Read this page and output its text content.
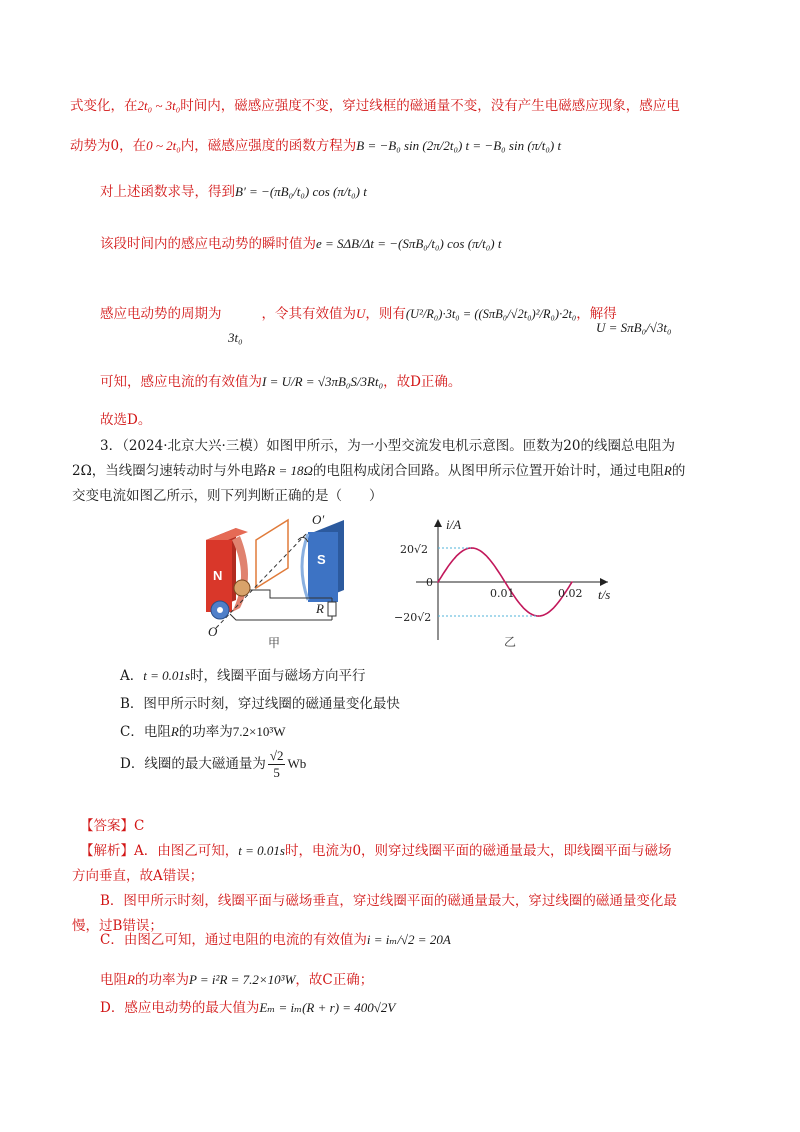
式变化，在2t₀ ~ 3t₀时间内，磁感应强度不变，穿过线框的磁通量不变，没有产生电磁感应现象，感应电
动势为0，在0 ~ 2t₀内，磁感应强度的函数方程为B = −B₀ sin (2π/2t₀) t = −B₀ sin (π/t₀) t
对上述函数求导，得到B′ = −(πB₀/t₀) cos (π/t₀) t
该段时间内的感应电动势的瞬时值为e = SΔB/Δt = −(SπB₀/t₀) cos (π/t₀) t
感应电动势的周期为	，令其有效值为U，则有(U²/R₀)·3t₀ = ((SπB₀/√2t₀)²/R₀)·2t₀，解得
3t₀
U = SπB₀/√3t₀
可知，感应电流的有效值为I = U/R = √3πB₀S/3Rt₀，故D正确。
故选D。
3．（2024·北京大兴·三模）如图甲所示，为一小型交流发电机示意图。匝数为20的线圈总电阻为
2Ω，当线圈匀速转动时与外电路R = 18Ω的电阻构成闭合回路。从图甲所示位置开始计时，通过电阻R的
交变电流如图乙所示，则下列判断正确的是（　　）
N
S
O′
R
O
甲
i/A
t/s
20√2
0
−20√2
0.01	0.02
乙
A．t = 0.01s时，线圈平面与磁场方向平行
B．图甲所示时刻，穿过线圈的磁通量变化最快
C．电阻R的功率为7.2×10³W
D．线圈的最大磁通量为 $\frac{√2}{5}$ Wb
【答案】C
【解析】A．由图乙可知，t = 0.01s时，电流为0，则穿过线圈平面的磁通量最大，即线圈平面与磁场
方向垂直，故A错误；
B．图甲所示时刻，线圈平面与磁场垂直，穿过线圈平面的磁通量最大，穿过线圈的磁通量变化最
慢，过B错误；
C．由图乙可知，通过电阻的电流的有效值为i = iₘ/√2 = 20A
电阻R的功率为P = i²R = 7.2×10³W，故C正确；
D．感应电动势的最大值为Eₘ = iₘ(R + r) = 400√2V
